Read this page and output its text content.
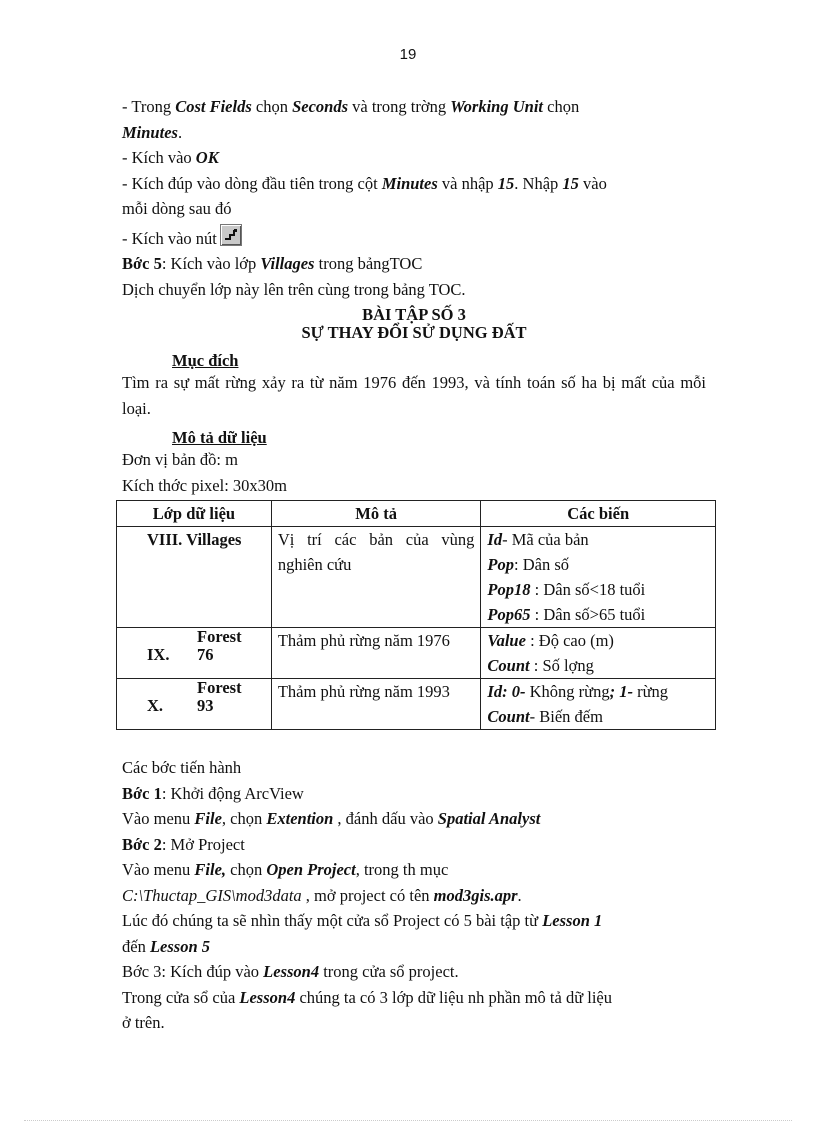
19

- Trong Cost Fields chọn Seconds và trong trờng Working Unit chọn

Minutes.

- Kích vào OK

- Kích đúp vào dòng đầu tiên trong cột Minutes và nhập 15. Nhập 15 vào

mỗi dòng sau đó

- Kích vào nút

Bớc 5: Kích vào lớp Villages trong bảngTOC

Dịch chuyển lớp này lên trên cùng trong bảng TOC.

BÀI TẬP SỐ 3

SỰ THAY ĐỔI SỬ DỤNG ĐẤT

Mục đích

Tìm ra sự mất rừng xảy ra từ năm 1976 đến 1993, và tính toán số ha bị mất của mỗi loại.

Mô tả dữ liệu

Đơn vị bản đồ: m

Kích thớc pixel: 30x30m

Lớp dữ liệu	Mô tả	Các biến
VIII. Villages	Vị trí các bản của vùng nghiên cứu	Id- Mã của bản
Pop: Dân số
Pop18 : Dân số<18 tuổi
Pop65 : Dân số>65 tuổi

IX.Forest 76	Thảm phủ rừng năm 1976	Value : Độ cao (m)
Count : Số lợng

X.Forest 93	Thảm phủ rừng năm 1993	Id: 0- Không rừng; 1- rừng
Count- Biến đếm

Các bớc tiến hành

Bớc 1: Khởi động ArcView

Vào menu File, chọn Extention , đánh dấu vào Spatial Analyst

Bớc 2: Mở Project

Vào menu File, chọn Open Project, trong th mục

C:\Thuctap_GIS\mod3data , mở project có tên mod3gis.apr.

Lúc đó chúng ta sẽ nhìn thấy một cửa sổ Project có 5 bài tập từ Lesson 1

đến Lesson 5

Bớc 3: Kích đúp vào Lesson4 trong cửa sổ project.

Trong cửa sổ của Lesson4 chúng ta có 3 lớp dữ liệu nh phần mô tả dữ liệu

ở trên.
